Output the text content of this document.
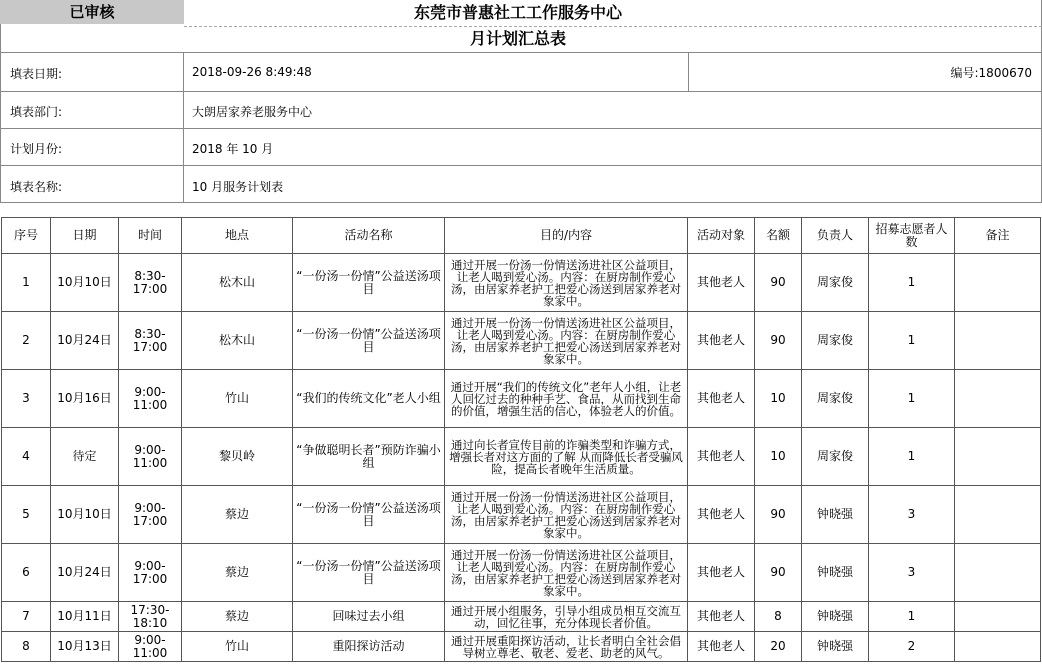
已审核	东莞市普惠社工工作服务中心
月计划汇总表
填表日期:	2018-09-26 8:49:48	编号:1800670
填表部门:	大朗居家养老服务中心
计划月份:	2018 年 10 月
填表名称:	10 月服务计划表
序号	日期	时间	地点	活动名称	目的/内容	活动对象	名额	负责人	招募志愿者人数	备注
1	10月10日	8:30-17:00	松木山	“一份汤一份情”公益送汤项目	通过开展一份汤一份情送汤进社区公益项目，让老人喝到爱心汤。内容：在厨房制作爱心汤，由居家养老护工把爱心汤送到居家养老对象家中。	其他老人	90	周家俊	1	
2	10月24日	8:30-17:00	松木山	“一份汤一份情”公益送汤项目	通过开展一份汤一份情送汤进社区公益项目，让老人喝到爱心汤。内容：在厨房制作爱心汤，由居家养老护工把爱心汤送到居家养老对象家中。	其他老人	90	周家俊	1	
3	10月16日	9:00-11:00	竹山	“我们的传统文化”老人小组	通过开展“我们的传统文化”老年人小组，让老人回忆过去的种种手艺、食品，从而找到生命的价值，增强生活的信心，体验老人的价值。	其他老人	10	周家俊	1	
4	待定	9:00-11:00	黎贝岭	“争做聪明长者”预防诈骗小组	通过向长者宣传目前的诈骗类型和诈骗方式，增强长者对这方面的了解 从而降低长者受骗风险，提高长者晚年生活质量。	其他老人	10	周家俊	1	
5	10月10日	9:00-17:00	蔡边	“一份汤一份情”公益送汤项目	通过开展一份汤一份情送汤进社区公益项目，让老人喝到爱心汤。内容：在厨房制作爱心汤，由居家养老护工把爱心汤送到居家养老对象家中。	其他老人	90	钟晓强	3	
6	10月24日	9:00-17:00	蔡边	“一份汤一份情”公益送汤项目	通过开展一份汤一份情送汤进社区公益项目，让老人喝到爱心汤。内容：在厨房制作爱心汤，由居家养老护工把爱心汤送到居家养老对象家中。	其他老人	90	钟晓强	3	
7	10月11日	17:30-18:10	蔡边	回味过去小组	通过开展小组服务，引导小组成员相互交流互动，回忆往事，充分体现长者价值。	其他老人	8	钟晓强	1	
8	10月13日	9:00-11:00	竹山	重阳探访活动	通过开展重阳探访活动，让长者明白全社会倡导树立尊老、敬老、爱老、助老的风气。	其他老人	20	钟晓强	2	
